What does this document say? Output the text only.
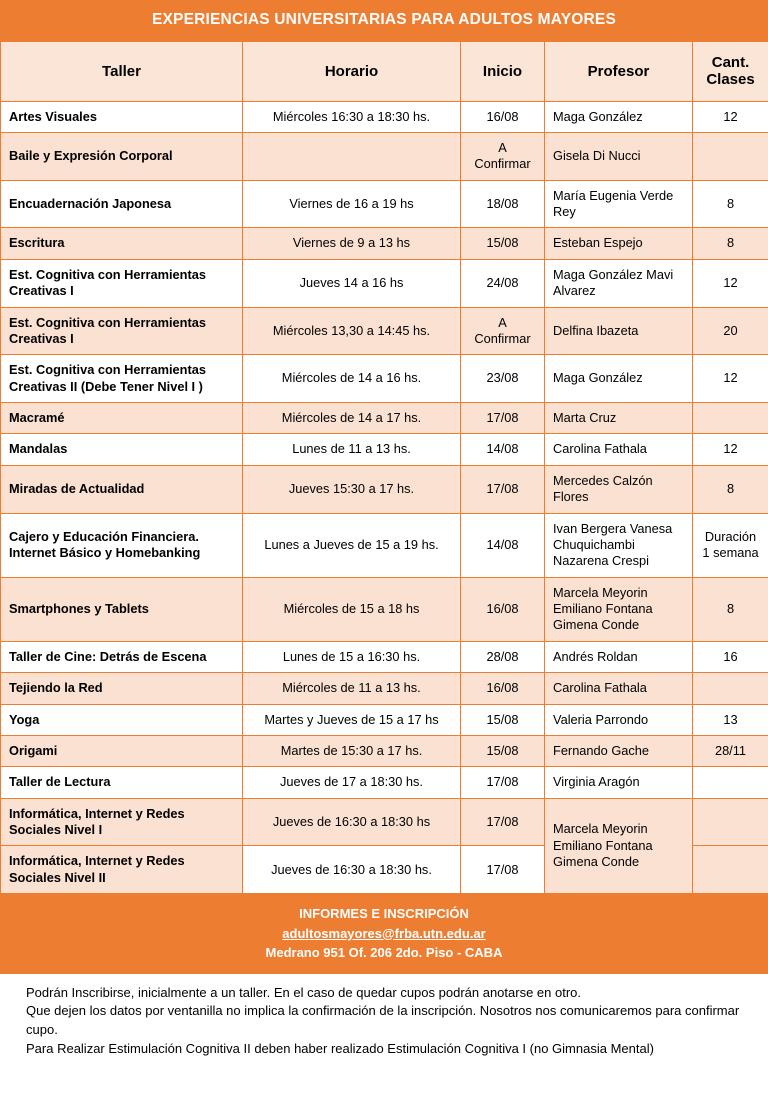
EXPERIENCIAS UNIVERSITARIAS PARA ADULTOS MAYORES
Taller	Horario	Inicio	Profesor	Cant. Clases
Artes Visuales	Miércoles 16:30 a 18:30 hs.	16/08	Maga González	12
Baile y Expresión Corporal		A Confirmar	Gisela Di Nucci	
Encuadernación Japonesa	Viernes de 16 a 19 hs	18/08	María Eugenia Verde Rey	8
Escritura	Viernes de 9 a 13 hs	15/08	Esteban Espejo	8
Est. Cognitiva con Herramientas Creativas I	Jueves 14 a 16 hs	24/08	Maga González Mavi Alvarez	12
Est. Cognitiva con Herramientas Creativas I	Miércoles 13,30 a 14:45 hs.	A Confirmar	Delfina Ibazeta	20
Est. Cognitiva con Herramientas Creativas II (Debe Tener Nivel I )	Miércoles de 14 a 16 hs.	23/08	Maga González	12
Macramé	Miércoles de 14 a 17 hs.	17/08	Marta Cruz	
Mandalas	Lunes de 11 a 13 hs.	14/08	Carolina Fathala	12
Miradas de Actualidad	Jueves 15:30 a 17 hs.	17/08	Mercedes Calzón Flores	8
Cajero y Educación Financiera. Internet Básico y Homebanking	Lunes a Jueves de 15 a 19 hs.	14/08	Ivan Bergera Vanesa Chuquichambi Nazarena Crespi	Duración 1 semana
Smartphones y Tablets	Miércoles de 15 a 18 hs	16/08	Marcela Meyorin Emiliano Fontana Gimena Conde	8
Taller de Cine: Detrás de Escena	Lunes de 15 a 16:30 hs.	28/08	Andrés Roldan	16
Tejiendo la Red	Miércoles de 11 a 13 hs.	16/08	Carolina Fathala	
Yoga	Martes y Jueves de 15 a 17 hs	15/08	Valeria Parrondo	13
Origami	Martes de 15:30 a 17 hs.	15/08	Fernando Gache	28/11
Taller de Lectura	Jueves de 17 a 18:30 hs.	17/08	Virginia Aragón	
Informática, Internet y Redes Sociales Nivel I	Jueves de 16:30 a 18:30 hs	17/08	Marcela Meyorin Emiliano Fontana Gimena Conde	
Informática, Internet y Redes Sociales Nivel II	Jueves de 16:30 a 18:30 hs.	17/08		
INFORMES E INSCRIPCIÓN
adultosmayores@frba.utn.edu.ar
Medrano 951 Of. 206 2do. Piso - CABA

Podrán Inscribirse, inicialmente a un taller. En el caso de quedar cupos podrán anotarse en otro.

Que dejen los datos por ventanilla no implica la confirmación de la inscripción. Nosotros nos comunicaremos para confirmar cupo.

Para Realizar Estimulación Cognitiva II deben haber realizado Estimulación Cognitiva I (no Gimnasia Mental)
